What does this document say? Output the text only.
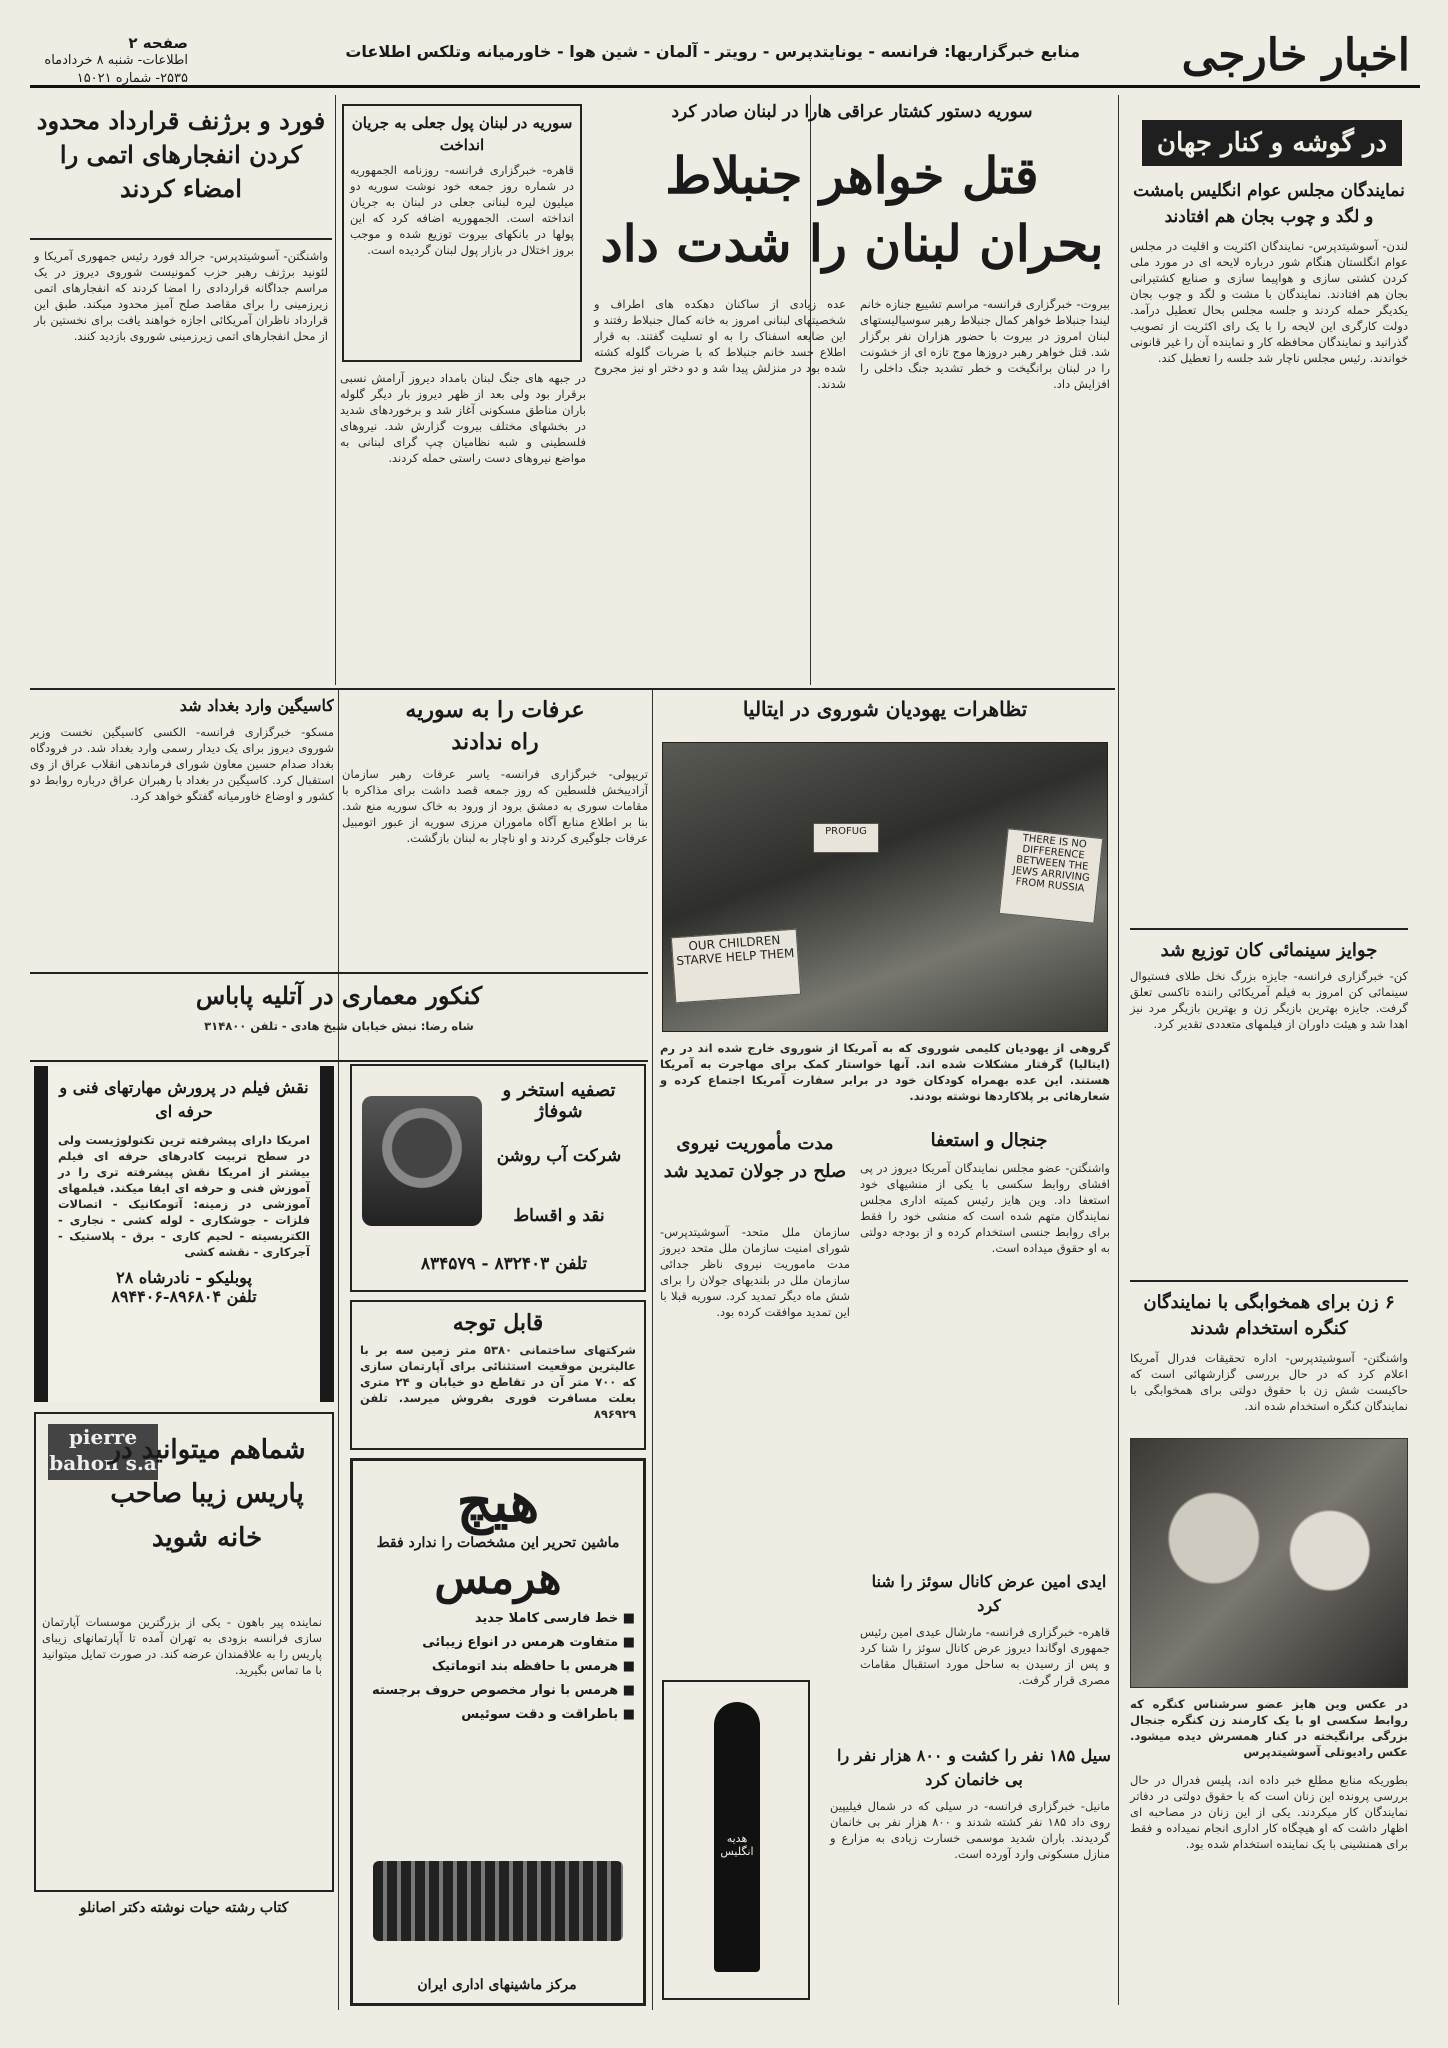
اخبار خارجی
منابع خبرگزاریها: فرانسه - یونایتدپرس - رویتر - آلمان - شین هوا - خاورمیانه وتلکس اطلاعات
صفحه ۲
اطلاعات- شنبه ۸ خردادماه
۲۵۳۵- شماره ۱۵۰۲۱
در گوشه و کنار جهان
نمایندگان مجلس عوام انگلیس بامشت و لگد و چوب بجان هم افتادند
لندن- آسوشیتدپرس- نمایندگان اکثریت و اقلیت در مجلس عوام انگلستان هنگام شور درباره لایحه ای در مورد ملی کردن کشتی سازی و هواپیما سازی و صنایع کشتیرانی بجان هم افتادند. نمایندگان با مشت و لگد و چوب بجان یکدیگر حمله کردند و جلسه مجلس بحال تعطیل درآمد. دولت کارگری این لایحه را با یک رای اکثریت از تصویب گذرانید و نمایندگان محافظه کار و نماینده آن را غیر قانونی خواندند. رئیس مجلس ناچار شد جلسه را تعطیل کند.
جوایز سینمائی کان توزیع شد
کن- خبرگزاری فرانسه- جایزه بزرگ نخل طلای فستیوال سینمائی کن امروز به فیلم آمریکائی راننده تاکسی تعلق گرفت. جایزه بهترین بازیگر زن و بهترین بازیگر مرد نیز اهدا شد و هیئت داوران از فیلمهای متعددی تقدیر کرد.
۶ زن برای همخوابگی با نمایندگان کنگره استخدام شدند
واشنگتن- آسوشیتدپرس- اداره تحقیقات فدرال آمریکا اعلام کرد که در حال بررسی گزارشهائی است که حاکیست شش زن با حقوق دولتی برای همخوابگی با نمایندگان کنگره استخدام شده اند.
در عکس وین هایز عضو سرشناس کنگره که روابط سکسی او با یک کارمند زن کنگره جنجال بزرگی برانگیخته در کنار همسرش دیده میشود. عکس رادیوتلی آسوشیتدپرس
بطوریکه منابع مطلع خبر داده اند، پلیس فدرال در حال بررسی پرونده این زنان است که با حقوق دولتی در دفاتر نمایندگان کار میکردند. یکی از این زنان در مصاحبه ای اظهار داشت که او هیچگاه کار اداری انجام نمیداده و فقط برای همنشینی با یک نماینده استخدام شده بود.
سوریه دستور کشتار عراقی هارا در لبنان صادر کرد
قتل خواهر جنبلاط
بحران لبنان را شدت داد
بیروت- خبرگزاری فرانسه- مراسم تشییع جنازه خانم لیندا جنبلاط خواهر کمال جنبلاط رهبر سوسیالیستهای لبنان امروز در بیروت با حضور هزاران نفر برگزار شد. قتل خواهر رهبر دروزها موج تازه ای از خشونت را در لبنان برانگیخت و خطر تشدید جنگ داخلی را افزایش داد.
عده زیادی از ساکنان دهکده های اطراف و شخصیتهای لبنانی امروز به خانه کمال جنبلاط رفتند و این ضایعه اسفناک را به او تسلیت گفتند. به قرار اطلاع جسد خانم جنبلاط که با ضربات گلوله کشته شده بود در منزلش پیدا شد و دو دختر او نیز مجروح شدند.
در جبهه های جنگ لبنان بامداد دیروز آرامش نسبی برقرار بود ولی بعد از ظهر دیروز بار دیگر گلوله باران مناطق مسکونی آغاز شد و برخوردهای شدید در بخشهای مختلف بیروت گزارش شد. نیروهای فلسطینی و شبه نظامیان چپ گرای لبنانی به مواضع نیروهای دست راستی حمله کردند.
فورد و برژنف قرارداد محدود کردن انفجارهای اتمی را امضاء کردند
واشنگتن- آسوشیتدپرس- جرالد فورد رئیس جمهوری آمریکا و لئونید برژنف رهبر حزب کمونیست شوروی دیروز در یک مراسم جداگانه قراردادی را امضا کردند که انفجارهای اتمی زیرزمینی را برای مقاصد صلح آمیز محدود میکند. طبق این قرارداد ناظران آمریکائی اجازه خواهند یافت برای نخستین بار از محل انفجارهای اتمی زیرزمینی شوروی بازدید کنند.
سوریه در لبنان پول جعلی به جریان انداخت
قاهره- خبرگزاری فرانسه- روزنامه الجمهوریه در شماره روز جمعه خود نوشت سوریه دو میلیون لیره لبنانی جعلی در لبنان به جریان انداخته است. الجمهوریه اضافه کرد که این پولها در بانکهای بیروت توزیع شده و موجب بروز اختلال در بازار پول لبنان گردیده است.
کاسیگین وارد بغداد شد
مسکو- خبرگزاری فرانسه- الکسی کاسیگین نخست وزیر شوروی دیروز برای یک دیدار رسمی وارد بغداد شد. در فرودگاه بغداد صدام حسین معاون شورای فرماندهی انقلاب عراق از وی استقبال کرد. کاسیگین در بغداد با رهبران عراق درباره روابط دو کشور و اوضاع خاورمیانه گفتگو خواهد کرد.
عرفات را به سوریه
راه ندادند
تریپولی- خبرگزاری فرانسه- یاسر عرفات رهبر سازمان آزادیبخش فلسطین که روز جمعه قصد داشت برای مذاکره با مقامات سوری به دمشق برود از ورود به خاک سوریه منع شد. بنا بر اطلاع منابع آگاه ماموران مرزی سوریه از عبور اتومبیل عرفات جلوگیری کردند و او ناچار به لبنان بازگشت.
کنکور معماری در آتلیه پاباس
شاه رضا: نبش خیابان شیخ هادی - تلفن ۳۱۴۸۰۰
تظاهرات یهودیان شوروی در ایتالیا
OUR CHILDREN STARVE HELP THEM
THERE IS NO DIFFERENCE BETWEEN THE JEWS ARRIVING FROM RUSSIA
PROFUG
گروهی از یهودیان کلیمی شوروی که به آمریکا از شوروی خارج شده اند در رم (ایتالیا) گرفتار مشکلات شده اند. آنها خواستار کمک برای مهاجرت به آمریکا هستند. این عده بهمراه کودکان خود در برابر سفارت آمریکا اجتماع کرده و شعارهائی بر پلاکاردها نوشته بودند.
نقش فیلم در پرورش مهارتهای فنی و حرفه ای
امریکا دارای پیشرفته ترین تکنولوژیست ولی در سطح تربیت کادرهای حرفه ای فیلم بیشتر از امریکا نقش پیشرفته تری را در آموزش فنی و حرفه ای ایفا میکند. فیلمهای آموزشی در زمینه: آتومکانیک - اتصالات فلزات - جوشکاری - لوله کشی - نجاری - الکتریسیته - لحیم کاری - برق - پلاستیک - آجرکاری - نقشه کشی
پوبلیکو - نادرشاه ۲۸
تلفن ۸۹۶۸۰۴-۸۹۴۴۰۶
تصفیه استخر و شوفاژ
شرکت آب روشن
نقد و اقساط
تلفن ۸۳۲۴۰۳ - ۸۳۴۵۷۹
قابل توجه
شرکتهای ساختمانی ۵۳۸۰ متر زمین سه بر با عالیترین موقعیت استثنائی برای آپارتمان سازی که ۷۰۰ متر آن در تقاطع دو خیابان و ۲۴ متری بعلت مسافرت فوری بفروش میرسد. تلفن ۸۹۶۹۲۹
pierre bahon s.a
شماهم میتوانید در پاریس زیبا صاحب خانه شوید
نماینده پیر باهون - یکی از بزرگترین موسسات آپارتمان سازی فرانسه بزودی به تهران آمده تا آپارتمانهای زیبای پاریس را به علاقمندان عرضه کند. در صورت تمایل میتوانید با ما تماس بگیرید.
کتاب رشته حیات نوشته دکتر اصانلو
هیچ
ماشین تحریر این مشخصات را ندارد فقط
هرمس
■ خط فارسی کاملا جدید
■ متفاوت هرمس در انواع زیبائی
■ هرمس با حافظه بند اتوماتیک
■ هرمس با نوار مخصوص حروف برجسته
■ باطراقت و دقت سوئیس
مرکز ماشینهای اداری ایران
هدیه انگلیس
جنجال و استعفا
واشنگتن- عضو مجلس نمایندگان آمریکا دیروز در پی افشای روابط سکسی با یکی از منشیهای خود استعفا داد. وین هایز رئیس کمیته اداری مجلس نمایندگان متهم شده است که منشی خود را فقط برای روابط جنسی استخدام کرده و از بودجه دولتی به او حقوق میداده است.
مدت مأموریت نیروی صلح در جولان تمدید شد
سازمان ملل متحد- آسوشیتدپرس- شورای امنیت سازمان ملل متحد دیروز مدت ماموریت نیروی ناظر جدائی سازمان ملل در بلندیهای جولان را برای شش ماه دیگر تمدید کرد. سوریه قبلا با این تمدید موافقت کرده بود.
ایدی امین عرض کانال سوئز را شنا کرد
قاهره- خبرگزاری فرانسه- مارشال عیدی امین رئیس جمهوری اوگاندا دیروز عرض کانال سوئز را شنا کرد و پس از رسیدن به ساحل مورد استقبال مقامات مصری قرار گرفت.
سیل ۱۸۵ نفر را کشت و ۸۰۰ هزار نفر را بی خانمان کرد
مانیل- خبرگزاری فرانسه- در سیلی که در شمال فیلیپین روی داد ۱۸۵ نفر کشته شدند و ۸۰۰ هزار نفر بی خانمان گردیدند. باران شدید موسمی خسارت زیادی به مزارع و منازل مسکونی وارد آورده است.
